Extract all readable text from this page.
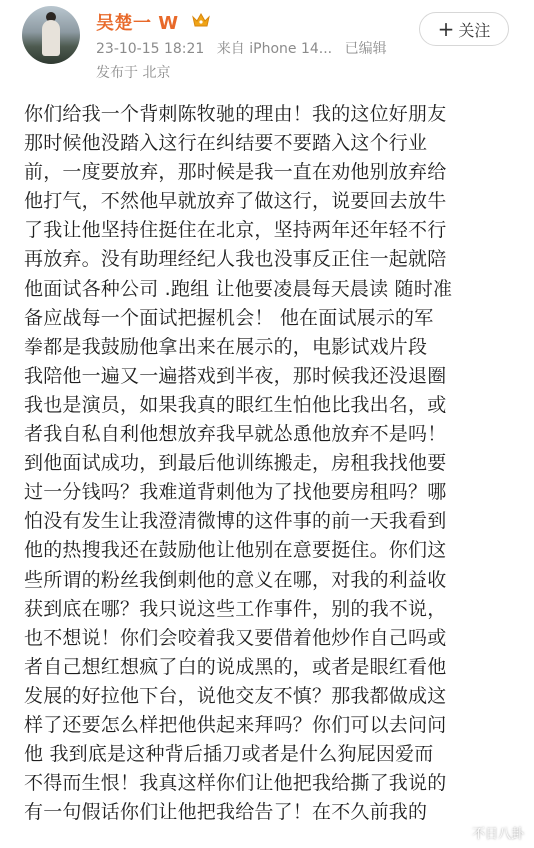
吴楚一 W
23-10-15 18:21 来自 iPhone 14... 已编辑
发布于 北京
+ 关注
你们给我一个背刺陈牧驰的理由！我的这位好朋友
那时候他没踏入这行在纠结要不要踏入这个行业
前，一度要放弃，那时候是我一直在劝他别放弃给
他打气，不然他早就放弃了做这行，说要回去放牛
了我让他坚持住挺住在北京，坚持两年还年轻不行
再放弃。没有助理经纪人我也没事反正住一起就陪
他面试各种公司 .跑组 让他要凌晨每天晨读 随时准
备应战每一个面试把握机会！ 他在面试展示的军
拳都是我鼓励他拿出来在展示的，电影试戏片段
我陪他一遍又一遍搭戏到半夜，那时候我还没退圈
我也是演员，如果我真的眼红生怕他比我出名，或
者我自私自利他想放弃我早就怂恿他放弃不是吗！
到他面试成功，到最后他训练搬走，房租我找他要
过一分钱吗？我难道背刺他为了找他要房租吗？哪
怕没有发生让我澄清微博的这件事的前一天我看到
他的热搜我还在鼓励他让他别在意要挺住。你们这
些所谓的粉丝我倒刺他的意义在哪，对我的利益收
获到底在哪？我只说这些工作事件，别的我不说，
也不想说！你们会咬着我又要借着他炒作自己吗或
者自己想红想疯了白的说成黑的，或者是眼红看他
发展的好拉他下台，说他交友不慎？那我都做成这
样了还要怎么样把他供起来拜吗？你们可以去问问
他 我到底是这种背后插刀或者是什么狗屁因爱而
不得而生恨！我真这样你们让他把我给撕了我说的
有一句假话你们让他把我给告了！在不久前我的
不日八卦
